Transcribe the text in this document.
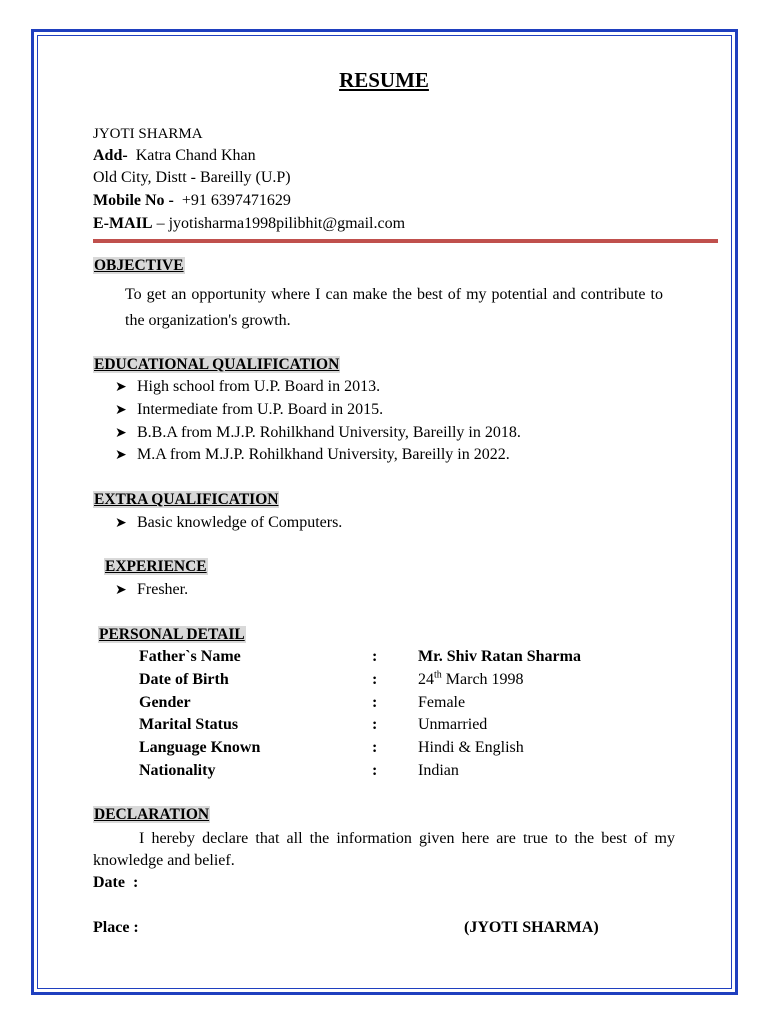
RESUME
JYOTI SHARMA
Add- Katra Chand Khan
Old City, Distt - Bareilly (U.P)
Mobile No - +91 6397471629
E-MAIL – jyotisharma1998pilibhit@gmail.com
OBJECTIVE
To get an opportunity where I can make the best of my potential and contribute to the organization's growth.
EDUCATIONAL QUALIFICATION
➤ High school from U.P. Board in 2013.
➤ Intermediate from U.P. Board in 2015.
➤ B.B.A from M.J.P. Rohilkhand University, Bareilly in 2018.
➤ M.A from M.J.P. Rohilkhand University, Bareilly in 2022.
EXTRA QUALIFICATION
➤ Basic knowledge of Computers.
EXPERIENCE
➤ Fresher.
PERSONAL DETAIL
Father`s Name	:	Mr. Shiv Ratan Sharma
Date of Birth	:	24th March 1998
Gender	:	Female
Marital Status	:	Unmarried
Language Known	:	Hindi & English
Nationality	:	Indian
DECLARATION
I hereby declare that all the information given here are true to the best of my knowledge and belief.
Date  :
Place :	(JYOTI SHARMA)
